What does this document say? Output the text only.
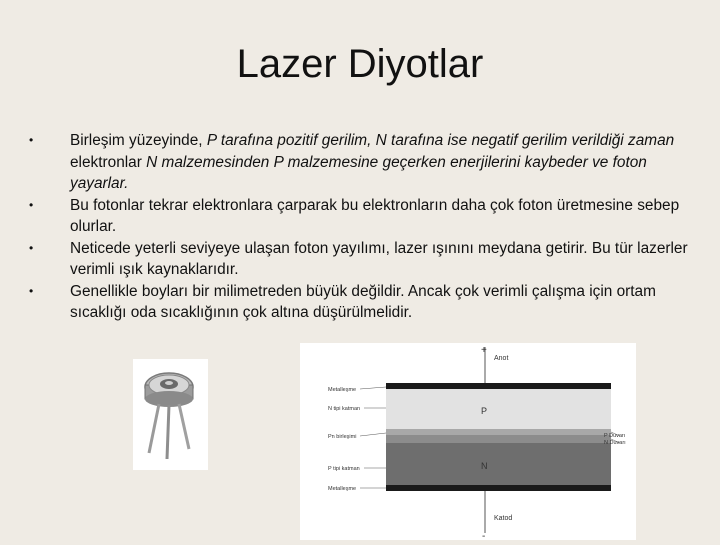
Lazer Diyotlar
• Birleşim yüzeyinde, P tarafına pozitif gerilim, N tarafına ise negatif gerilim verildiği zaman elektronlar N malzemesinden P malzemesine geçerken enerjilerini kaybeder ve foton yayarlar.
• Bu fotonlar tekrar elektronlara çarparak bu elektronların daha çok foton üretmesine sebep olurlar.
• Neticede yeterli seviyeye ulaşan foton yayılımı, lazer ışınını meydana getirir. Bu tür lazerler verimli ışık kaynaklarıdır.
• Genellikle boyları bir milimetreden büyük değildir. Ancak çok verimli çalışma için ortam sıcaklığı oda sıcaklığının çok altına düşürülmelidir.
+
Anot
P
N
-
Katod
Metalleşme
N tipi katman
Pn birleşimi
P tipi katman
Metalleşme
P Duvarı
N Duvarı
